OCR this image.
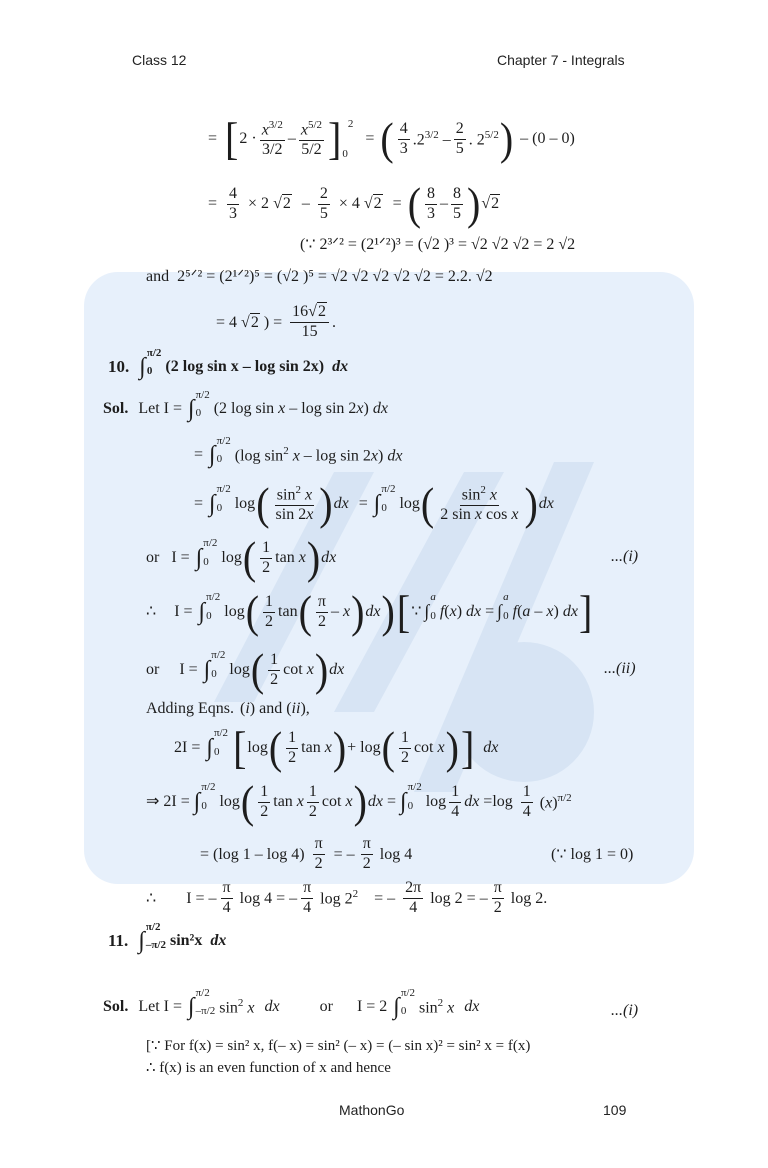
Class 12	Chapter 7 - Integrals
= [ $2 \cdot \frac{x^{3/2}}{3/2} - \frac{x^{5/2}}{5/2}$ ] 0
2
= ( $\frac{4}{3} .2^{3/2} - \frac{2}{5}$ . $2^{5/2}$ ) – (0 – 0)
= $\frac{4}{3} \times 2$ $√2 - \frac{2}{5} \times 4$ √2 = ( $\frac{8}{3} - \frac{8}{5}$ ) √2
(∵ 2³ᐟ² = (2¹ᐟ²)³ = (√2 )³ = √2 √2 √2 = 2 √2
and 2⁵ᐟ² = (2¹ᐟ²)⁵ = (√2 )⁵ = √2 √2 √2 √2 √2 = 2.2. √2
= 4 √2 ) = $\frac{16√2}{15}$ .
10. ∫
π/2
0 (2 log sin x – log sin 2x) dx
Sol. Let I = ∫
π/2
0 (2 log sin x – log sin 2x) dx
= ∫
π/2
0 (log $\sin^2 x$ – log sin 2x) dx
= ∫
π/2
0 log ( $\frac{\sin^2 x}{\sin 2x}$ ) dx = ∫
π/2
0 log ( $\frac{\sin^2 x}{\text{2 sin x cos x}}$ ) dx
or I = ∫
π/2
0 log ( $\frac{1}{2}$ tan x ) dx	...(i)
∴ I = ∫
π/2
0 log ( $\frac{1}{2}$ tan ( $\frac{\pi}{2}$ – x ) dx ) [ ∵ ∫
a
0 f(x) dx = ∫
a
0 f(a – x) dx ]
or I = ∫
π/2
0 log ( $\frac{1}{2}$ cot x ) dx	...(ii)
Adding Eqns. (i) and (ii),
2I = ∫
π/2
0 [ log ( $\frac{1}{2}$ tan x ) + log ( $\frac{1}{2}$ cot x ) ] dx
⇒ 2I = ∫
π/2
0 log ( $\frac{1}{2}$ tan x $\frac{1}{2}$ cot x ) dx = ∫
π/2
0 $\log \frac{1}{4}$ dx $=\log \frac{1}{4} (x)^{\pi/2}$
= (log $1 - \log 4) \frac{\pi}{2}$ = – $\frac{\pi}{2}$ log 4	(∵ log 1 = 0)
∴ I = – $\frac{\pi}{4}$ log 4 = – $\frac{\pi}{4}$ $\log 2^2$ = – $\frac{2\pi}{4}$ log 2 = – $\frac{\pi}{2}$ log 2.
11. ∫
π/2
–π/2 sin²x dx
Sol. Let I = ∫
π/2
–π/2 $\sin^2 x$ dx	or I = 2 ∫
π/2
0 $\sin^2 x$ dx	...(i)
[∵ For f(x) = sin² x, f(– x) = sin² (– x) = (– sin x)² = sin² x = f(x)
∴ f(x) is an even function of x and hence
MathonGo	109
